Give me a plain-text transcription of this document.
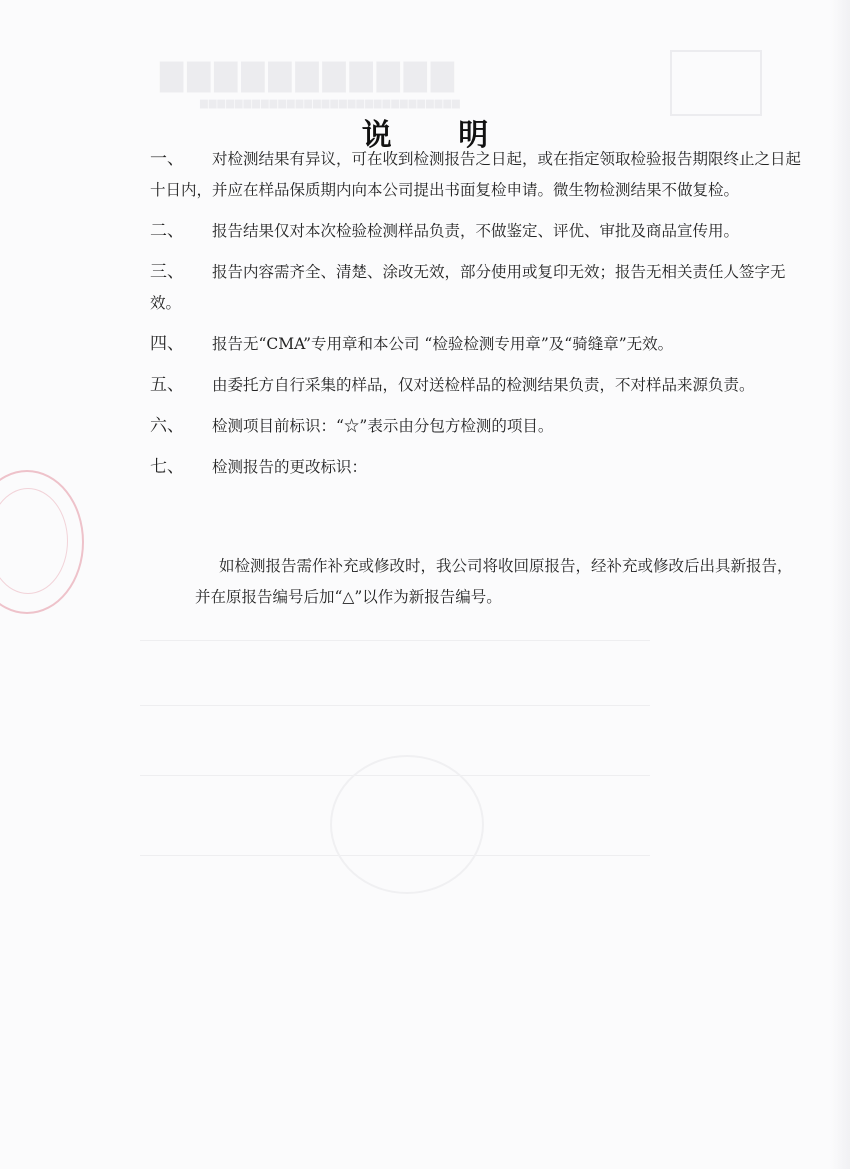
▇▇▇▇▇▇▇▇▇▇▇
▆▆▆▆▆▆▆▆▆▆▆▆▆▆▆▆▆▆▆▆▆▆▆▆▆▆▆▆▆▆
说 明
一、	对检测结果有异议，可在收到检测报告之日起，或在指定领取检验报告期限终止之日起十日内，并应在样品保质期内向本公司提出书面复检申请。微生物检测结果不做复检。
二、	报告结果仅对本次检验检测样品负责，不做鉴定、评优、审批及商品宣传用。
三、	报告内容需齐全、清楚、涂改无效，部分使用或复印无效；报告无相关责任人签字无效。
四、	报告无“CMA”专用章和本公司 “检验检测专用章”及“骑缝章”无效。
五、	由委托方自行采集的样品，仅对送检样品的检测结果负责，不对样品来源负责。
六、	检测项目前标识：“☆”表示由分包方检测的项目。
七、	检测报告的更改标识：

如检测报告需作补充或修改时，我公司将收回原报告，经补充或修改后出具新报告，并在原报告编号后加“△”以作为新报告编号。
